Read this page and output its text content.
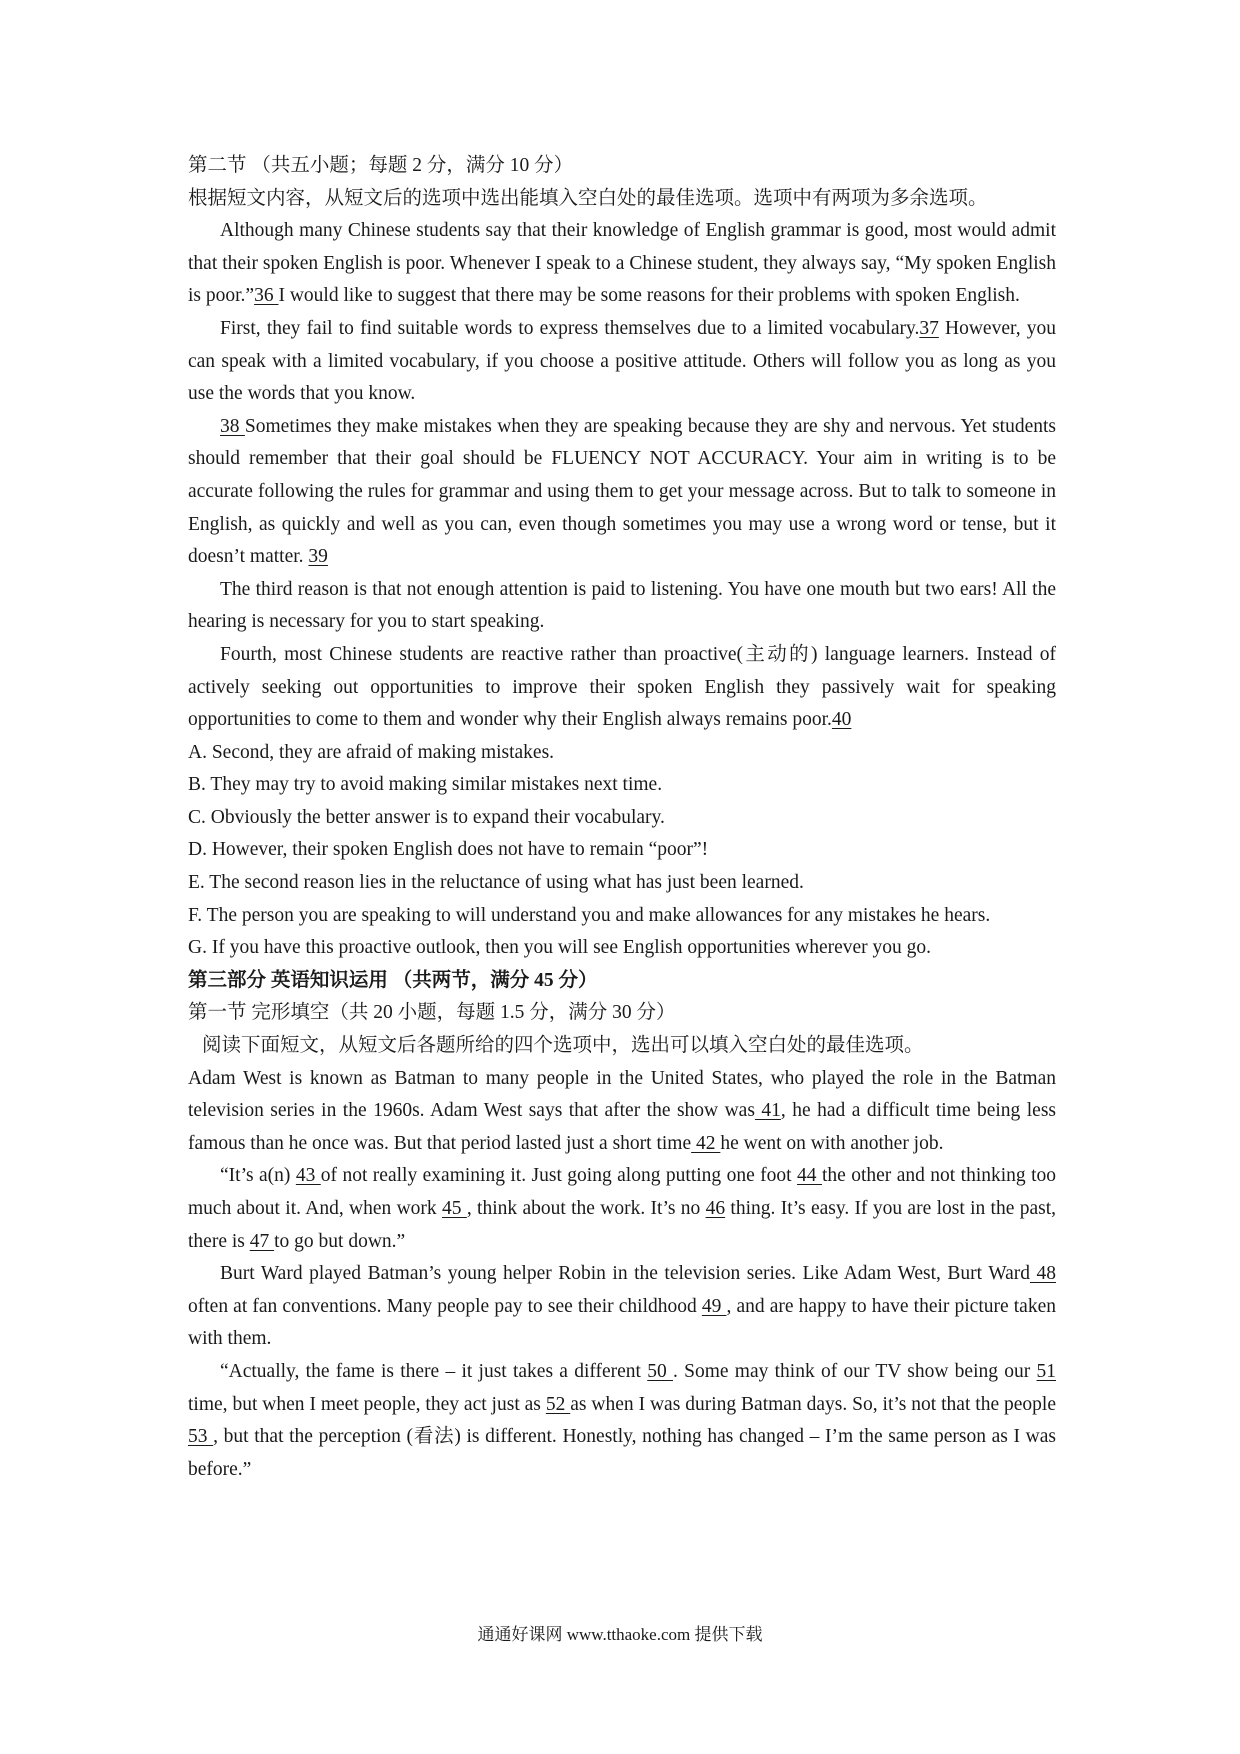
第二节 （共五小题；每题 2 分，满分 10 分）
根据短文内容，从短文后的选项中选出能填入空白处的最佳选项。选项中有两项为多余选项。
Although many Chinese students say that their knowledge of English grammar is good, most would admit that their spoken English is poor. Whenever I speak to a Chinese student, they always say, “My spoken English is poor.”36 I would like to suggest that there may be some reasons for their problems with spoken English.
First, they fail to find suitable words to express themselves due to a limited vocabulary.37 However, you can speak with a limited vocabulary, if you choose a positive attitude. Others will follow you as long as you use the words that you know.
38 Sometimes they make mistakes when they are speaking because they are shy and nervous. Yet students should remember that their goal should be FLUENCY NOT ACCURACY. Your aim in writing is to be accurate following the rules for grammar and using them to get your message across. But to talk to someone in English, as quickly and well as you can, even though sometimes you may use a wrong word or tense, but it doesn’t matter. 39
The third reason is that not enough attention is paid to listening. You have one mouth but two ears! All the hearing is necessary for you to start speaking.
Fourth, most Chinese students are reactive rather than proactive(主动的) language learners. Instead of actively seeking out opportunities to improve their spoken English they passively wait for speaking opportunities to come to them and wonder why their English always remains poor.40
A. Second, they are afraid of making mistakes.
B. They may try to avoid making similar mistakes next time.
C. Obviously the better answer is to expand their vocabulary.
D. However, their spoken English does not have to remain “poor”!
E. The second reason lies in the reluctance of using what has just been learned.
F. The person you are speaking to will understand you and make allowances for any mistakes he hears.
G. If you have this proactive outlook, then you will see English opportunities wherever you go.
第三部分 英语知识运用 （共两节，满分 45 分）
第一节 完形填空（共 20 小题，每题 1.5 分，满分 30 分）
阅读下面短文，从短文后各题所给的四个选项中，选出可以填入空白处的最佳选项。
Adam West is known as Batman to many people in the United States, who played the role in the Batman television series in the 1960s. Adam West says that after the show was 41, he had a difficult time being less famous than he once was. But that period lasted just a short time 42 he went on with another job.
“It’s a(n) 43 of not really examining it. Just going along putting one foot 44 the other and not thinking too much about it. And, when work 45 , think about the work. It’s no 46 thing. It’s easy. If you are lost in the past, there is 47 to go but down.”
Burt Ward played Batman’s young helper Robin in the television series. Like Adam West, Burt Ward 48 often at fan conventions. Many people pay to see their childhood 49 , and are happy to have their picture taken with them.
“Actually, the fame is there – it just takes a different 50 . Some may think of our TV show being our 51 time, but when I meet people, they act just as 52 as when I was during Batman days. So, it’s not that the people 53 , but that the perception (看法) is different. Honestly, nothing has changed – I’m the same person as I was before.”
通通好课网 www.tthaoke.com 提供下载
